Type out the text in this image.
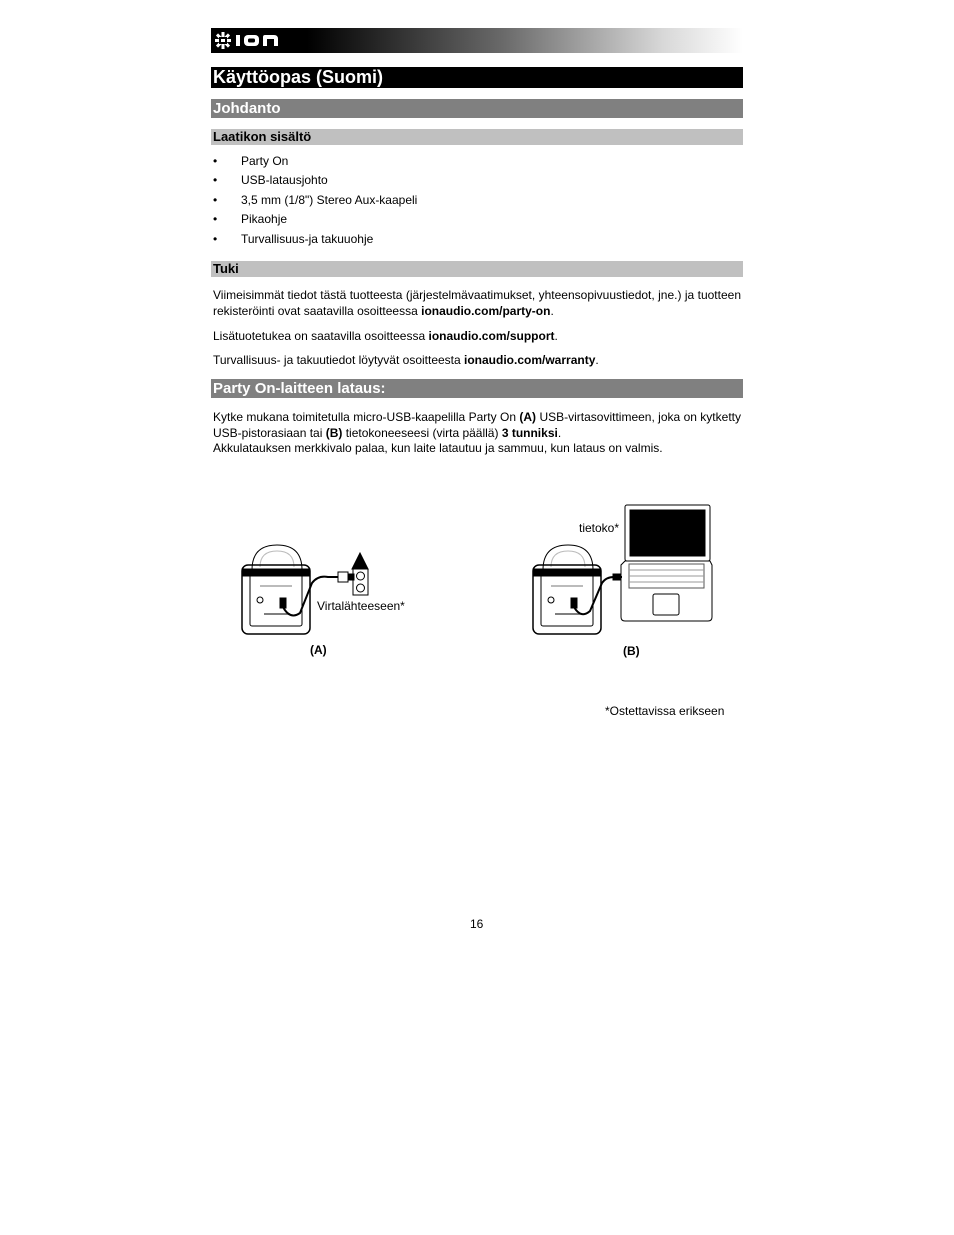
Käyttöopas (Suomi)
Johdanto
Laatikon sisältö
• Party On
• USB-latausjohto
• 3,5 mm (1/8") Stereo Aux-kaapeli
• Pikaohje
• Turvallisuus-ja takuuohje
Tuki

Viimeisimmät tiedot tästä tuotteesta (järjestelmävaatimukset, yhteensopivuustiedot, jne.) ja tuotteen rekisteröinti ovat saatavilla osoitteessa ionaudio.com/party-on.

Lisätuotetukea on saatavilla osoitteessa ionaudio.com/support.

Turvallisuus- ja takuutiedot löytyvät osoitteesta ionaudio.com/warranty.

Party On-laitteen lataus:

Kytke mukana toimitetulla micro-USB-kaapelilla Party On (A) USB-virtasovittimeen, joka on kytketty USB-pistorasiaan tai (B) tietokoneeseesi (virta päällä) 3 tunniksi.

Akkulatauksen merkkivalo palaa, kun laite latautuu ja sammuu, kun lataus on valmis.

Virtalähteeseen*
tietoko*
(A)	(B)
*Ostettavissa erikseen
16
